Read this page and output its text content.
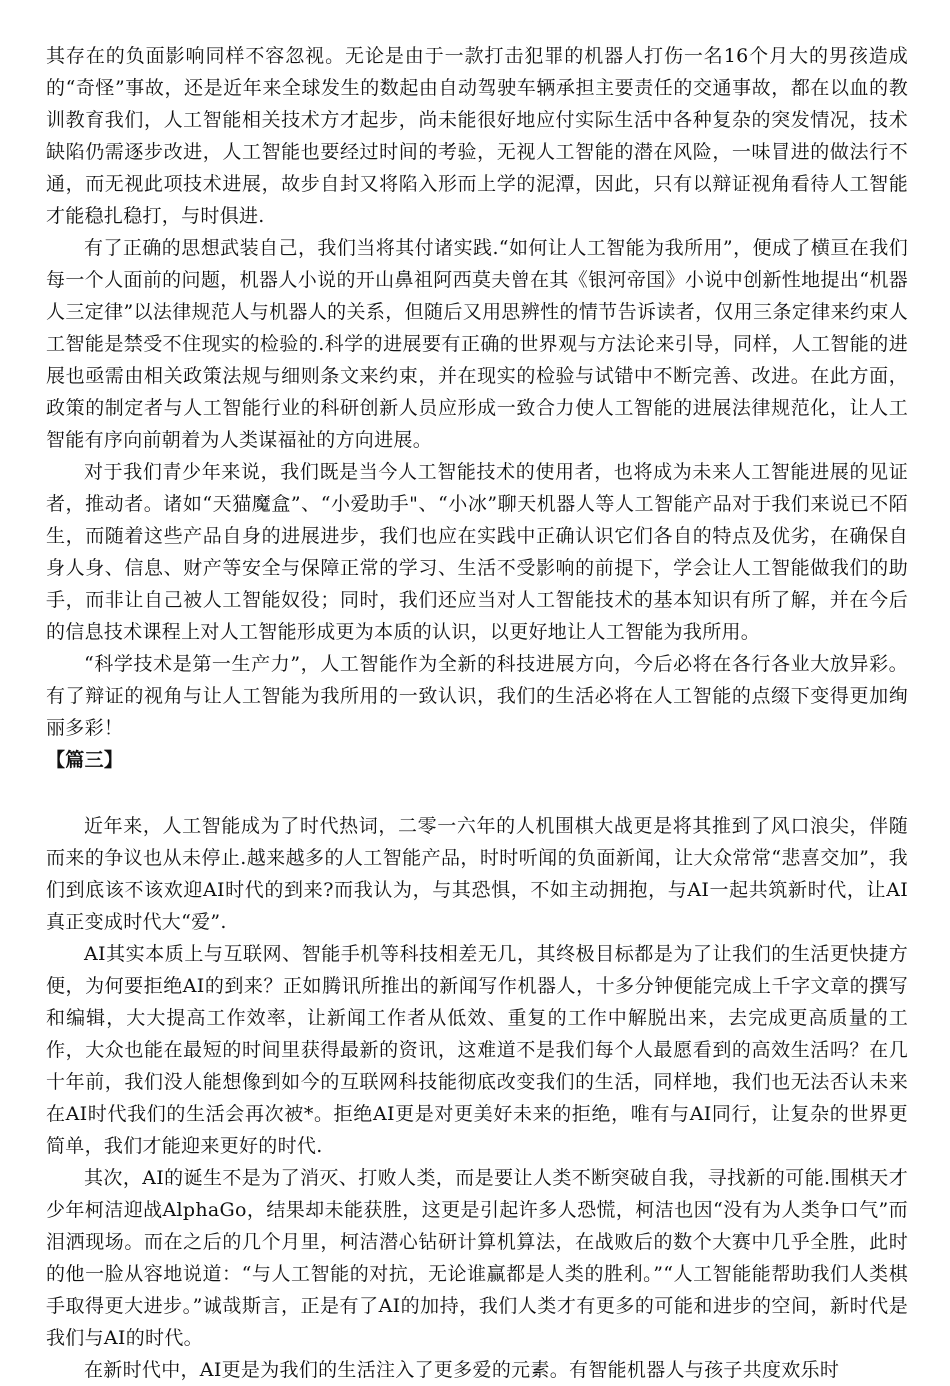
其存在的负面影响同样不容忽视。无论是由于一款打击犯罪的机器人打伤一名16个月大的男孩造成的“奇怪”事故，还是近年来全球发生的数起由自动驾驶车辆承担主要责任的交通事故，都在以血的教训教育我们，人工智能相关技术方才起步，尚未能很好地应付实际生活中各种复杂的突发情况，技术缺陷仍需逐步改进，人工智能也要经过时间的考验，无视人工智能的潜在风险，一味冒进的做法行不通，而无视此项技术进展，故步自封又将陷入形而上学的泥潭，因此，只有以辩证视角看待人工智能才能稳扎稳打，与时俱进.

有了正确的思想武装自己，我们当将其付诸实践.“如何让人工智能为我所用”，便成了横亘在我们每一个人面前的问题，机器人小说的开山鼻祖阿西莫夫曾在其《银河帝国》小说中创新性地提出“机器人三定律”以法律规范人与机器人的关系，但随后又用思辨性的情节告诉读者，仅用三条定律来约束人工智能是禁受不住现实的检验的.科学的进展要有正确的世界观与方法论来引导，同样，人工智能的进展也亟需由相关政策法规与细则条文来约束，并在现实的检验与试错中不断完善、改进。在此方面，政策的制定者与人工智能行业的科研创新人员应形成一致合力使人工智能的进展法律规范化，让人工智能有序向前朝着为人类谋福祉的方向进展。

对于我们青少年来说，我们既是当今人工智能技术的使用者，也将成为未来人工智能进展的见证者，推动者。诸如“天猫魔盒”、“小爱助手"、“小冰”聊天机器人等人工智能产品对于我们来说已不陌生，而随着这些产品自身的进展进步，我们也应在实践中正确认识它们各自的特点及优劣，在确保自身人身、信息、财产等安全与保障正常的学习、生活不受影响的前提下，学会让人工智能做我们的助手，而非让自己被人工智能奴役；同时，我们还应当对人工智能技术的基本知识有所了解，并在今后的信息技术课程上对人工智能形成更为本质的认识，以更好地让人工智能为我所用。

“科学技术是第一生产力”，人工智能作为全新的科技进展方向，今后必将在各行各业大放异彩。有了辩证的视角与让人工智能为我所用的一致认识，我们的生活必将在人工智能的点缀下变得更加绚丽多彩！

【篇三】

近年来，人工智能成为了时代热词，二零一六年的人机围棋大战更是将其推到了风口浪尖，伴随而来的争议也从未停止.越来越多的人工智能产品，时时听闻的负面新闻，让大众常常“悲喜交加”，我们到底该不该欢迎AI时代的到来?而我认为，与其恐惧，不如主动拥抱，与AI一起共筑新时代，让AI真正变成时代大“爱”.

AI其实本质上与互联网、智能手机等科技相差无几，其终极目标都是为了让我们的生活更快捷方便，为何要拒绝AI的到来？正如腾讯所推出的新闻写作机器人，十多分钟便能完成上千字文章的撰写和编辑，大大提高工作效率，让新闻工作者从低效、重复的工作中解脱出来，去完成更高质量的工作，大众也能在最短的时间里获得最新的资讯，这难道不是我们每个人最愿看到的高效生活吗？在几十年前，我们没人能想像到如今的互联网科技能彻底改变我们的生活，同样地，我们也无法否认未来在AI时代我们的生活会再次被*。拒绝AI更是对更美好未来的拒绝，唯有与AI同行，让复杂的世界更简单，我们才能迎来更好的时代.

其次，AI的诞生不是为了消灭、打败人类，而是要让人类不断突破自我，寻找新的可能.围棋天才少年柯洁迎战AlphaGo，结果却未能获胜，这更是引起许多人恐慌，柯洁也因“没有为人类争口气”而泪洒现场。而在之后的几个月里，柯洁潜心钻研计算机算法，在战败后的数个大赛中几乎全胜，此时的他一脸从容地说道：“与人工智能的对抗，无论谁赢都是人类的胜利。”“人工智能能帮助我们人类棋手取得更大进步。”诚哉斯言，正是有了AI的加持，我们人类才有更多的可能和进步的空间，新时代是我们与AI的时代。

在新时代中，AI更是为我们的生活注入了更多爱的元素。有智能机器人与孩子共度欢乐时
